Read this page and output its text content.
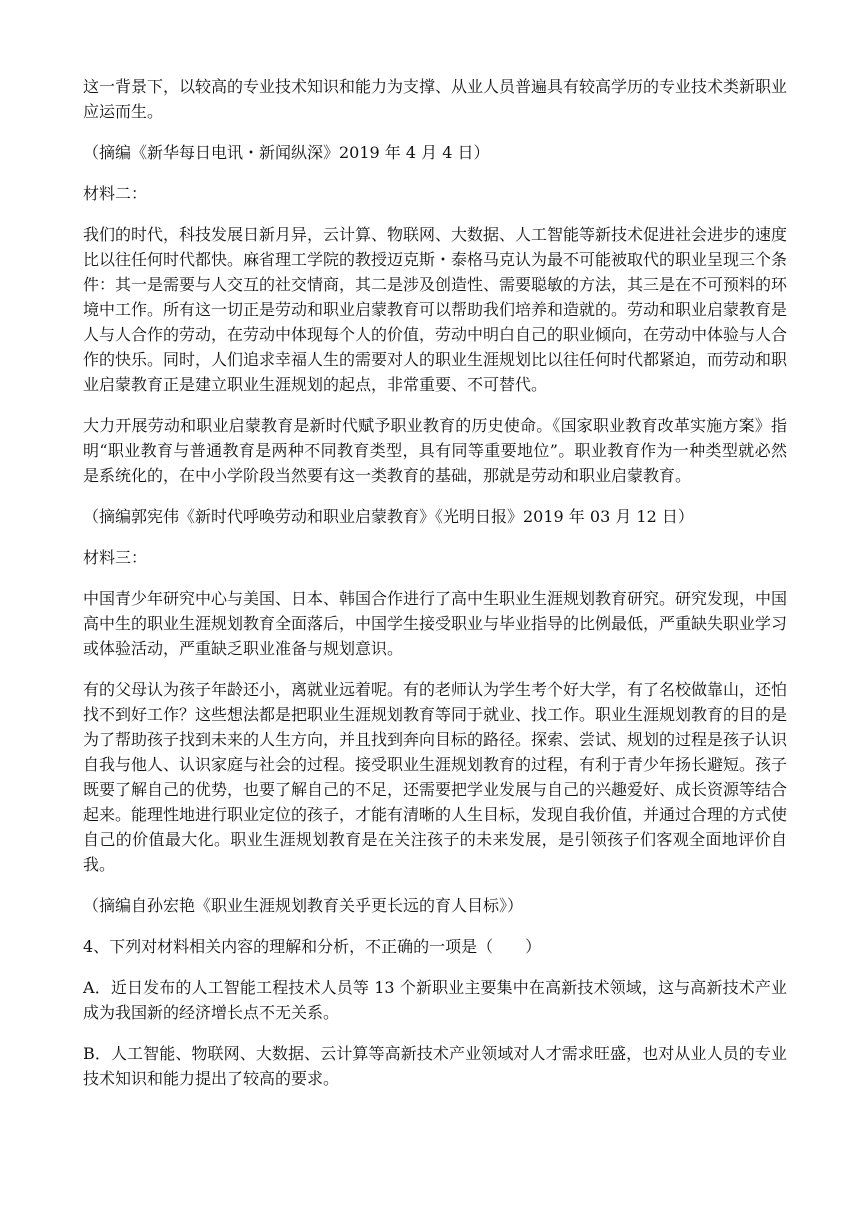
这一背景下，以较高的专业技术知识和能力为支撑、从业人员普遍具有较高学历的专业技术类新职业应运而生。

（摘编《新华每日电讯・新闻纵深》2019 年 4 月 4 日）

材料二：

我们的时代，科技发展日新月异，云计算、物联网、大数据、人工智能等新技术促进社会进步的速度比以往任何时代都快。麻省理工学院的教授迈克斯・泰格马克认为最不可能被取代的职业呈现三个条件：其一是需要与人交互的社交情商，其二是涉及创造性、需要聪敏的方法，其三是在不可预料的环境中工作。所有这一切正是劳动和职业启蒙教育可以帮助我们培养和造就的。劳动和职业启蒙教育是人与人合作的劳动，在劳动中体现每个人的价值，劳动中明白自己的职业倾向，在劳动中体验与人合作的快乐。同时，人们追求幸福人生的需要对人的职业生涯规划比以往任何时代都紧迫，而劳动和职业启蒙教育正是建立职业生涯规划的起点，非常重要、不可替代。

大力开展劳动和职业启蒙教育是新时代赋予职业教育的历史使命。《国家职业教育改革实施方案》指明“职业教育与普通教育是两种不同教育类型，具有同等重要地位”。职业教育作为一种类型就必然是系统化的，在中小学阶段当然要有这一类教育的基础，那就是劳动和职业启蒙教育。

（摘编郭宪伟《新时代呼唤劳动和职业启蒙教育》《光明日报》2019 年 03 月 12 日）

材料三：

中国青少年研究中心与美国、日本、韩国合作进行了高中生职业生涯规划教育研究。研究发现，中国高中生的职业生涯规划教育全面落后，中国学生接受职业与毕业指导的比例最低，严重缺失职业学习或体验活动，严重缺乏职业准备与规划意识。

有的父母认为孩子年龄还小，离就业远着呢。有的老师认为学生考个好大学，有了名校做靠山，还怕找不到好工作？这些想法都是把职业生涯规划教育等同于就业、找工作。职业生涯规划教育的目的是为了帮助孩子找到未来的人生方向，并且找到奔向目标的路径。探索、尝试、规划的过程是孩子认识自我与他人、认识家庭与社会的过程。接受职业生涯规划教育的过程，有利于青少年扬长避短。孩子既要了解自己的优势，也要了解自己的不足，还需要把学业发展与自己的兴趣爱好、成长资源等结合起来。能理性地进行职业定位的孩子，才能有清晰的人生目标，发现自我价值，并通过合理的方式使自己的价值最大化。职业生涯规划教育是在关注孩子的未来发展，是引领孩子们客观全面地评价自我。

（摘编自孙宏艳《职业生涯规划教育关乎更长远的育人目标》）

4、下列对材料相关内容的理解和分析，不正确的一项是（　　）

A．近日发布的人工智能工程技术人员等 13 个新职业主要集中在高新技术领域，这与高新技术产业成为我国新的经济增长点不无关系。

B．人工智能、物联网、大数据、云计算等高新技术产业领域对人才需求旺盛，也对从业人员的专业技术知识和能力提出了较高的要求。
